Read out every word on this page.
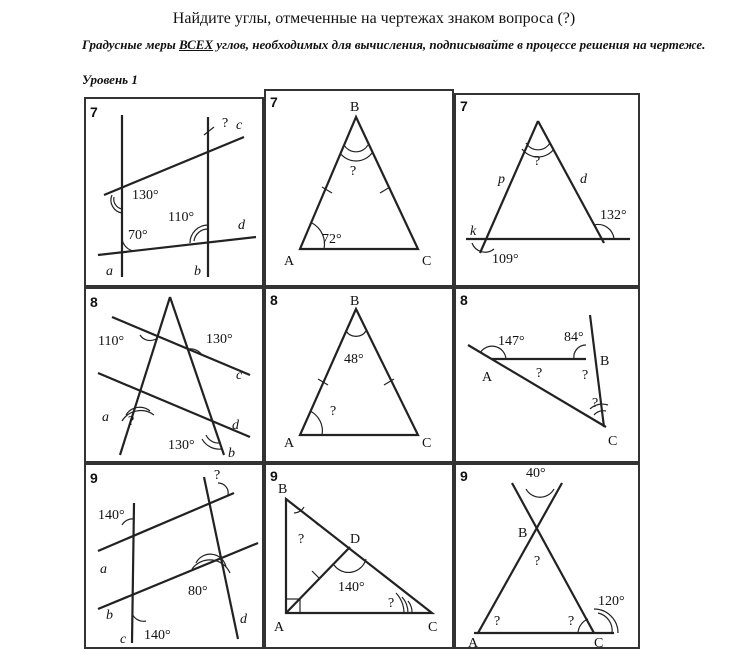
Найдите углы, отмеченные на чертежах знаком вопроса (?)
Градусные меры ВСЕХ углов, необходимых для вычисления, подписывайте в процессе решения на чертеже.
Уровень 1
7
?
130°
70°
110°
a	b
c
d
7	B
A	C
?
72°
7
?
p	d
k
132°
109°
8
110°	130°
130°
?
a
b
c
d
8	B
A	C
?
48°
8
147°	84°
A
B
C
?	?
?
9	?
140°
80°
140°
a
b
c
d
9
B
D
A	C
?
?
140°
9	40°
120°
B
A	C
?
?	?
